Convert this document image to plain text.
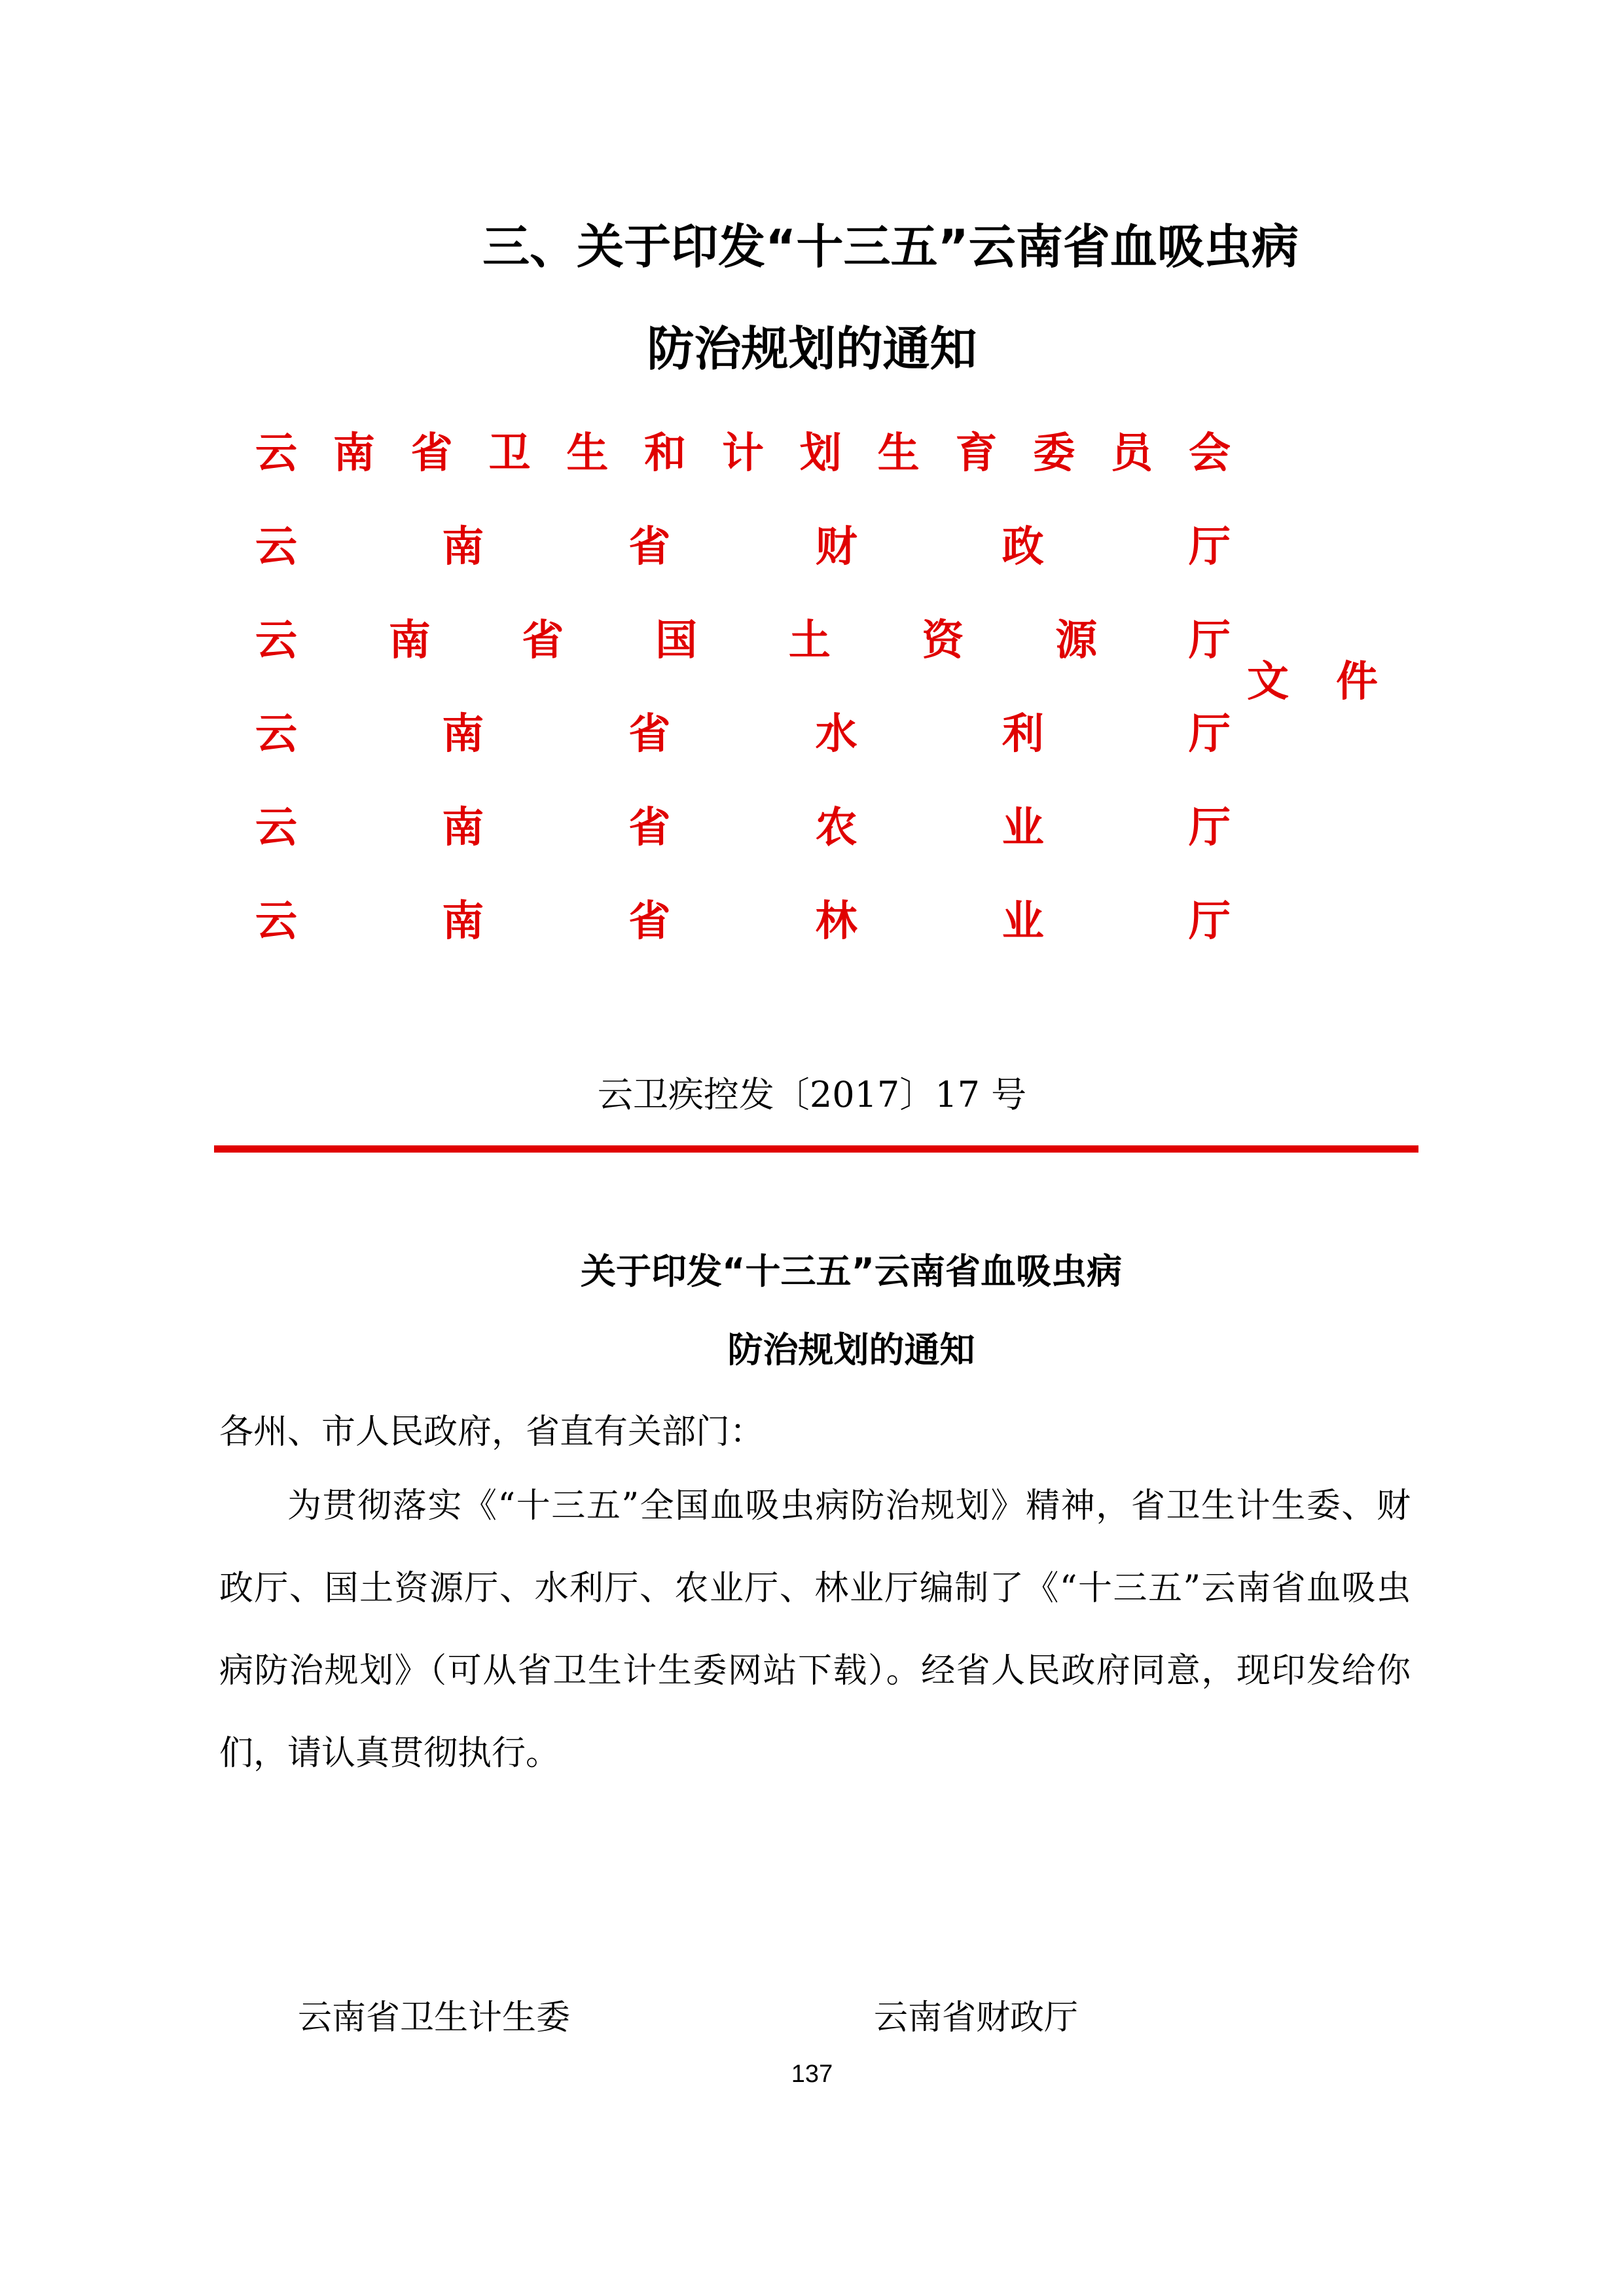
三、关于印发“十三五”云南省血吸虫病
防治规划的通知
云 南 省 卫 生 和 计 划 生 育 委 员 会
云	南	省	财	政	厅
云 南 省 国 土 资 源 厅
云	南	省	水	利	厅
云	南	省	农	业	厅
云	南	省	林	业	厅
文 件
云卫疾控发〔2017〕17 号
关于印发“十三五”云南省血吸虫病
防治规划的通知
各州、市人民政府，省直有关部门：
为贯彻落实《“十三五”全国血吸虫病防治规划》精神，省卫生计生委、财政厅、国土资源厅、水利厅、农业厅、林业厅编制了《“十三五”云南省血吸虫病防治规划》（可从省卫生计生委网站下载）。经省人民政府同意，现印发给你们，请认真贯彻执行。
云南省卫生计生委	云南省财政厅
137
